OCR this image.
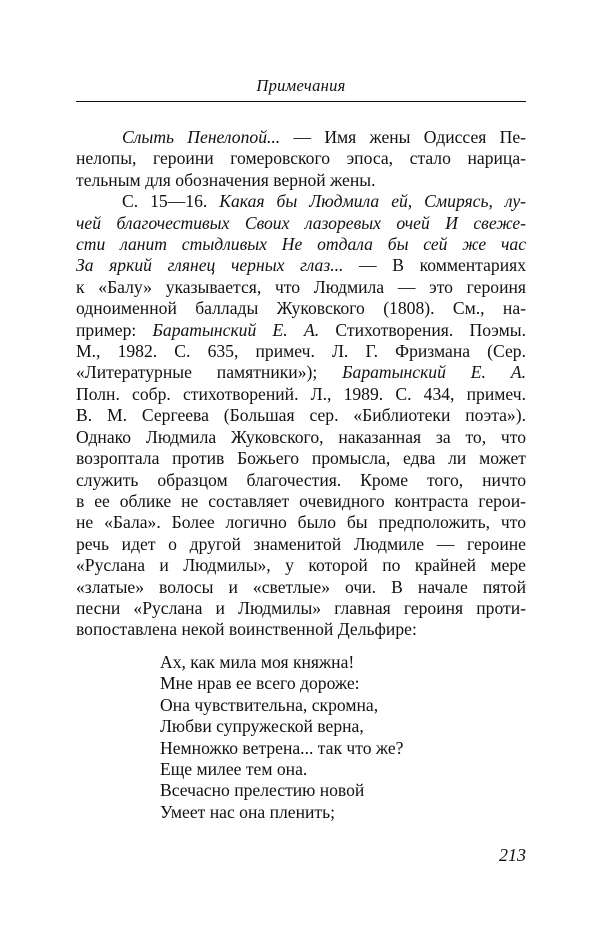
Примечания
Слыть Пенелопой... — Имя жены Одиссея Пе-
нелопы, героини гомеровского эпоса, стало нарица-
тельным для обозначения верной жены.
С. 15—16. Какая бы Людмила ей, Смирясь, лу-
чей благочестивых Своих лазоревых очей И свеже-
сти ланит стыдливых Не отдала бы сей же час
За яркий глянец черных глаз... — В комментариях
к «Балу» указывается, что Людмила — это героиня
одноименной баллады Жуковского (1808). См., на-
пример: Баратынский Е. А. Стихотворения. Поэмы.
М., 1982. С. 635, примеч. Л. Г. Фризмана (Сер.
«Литературные памятники»); Баратынский Е. А.
Полн. собр. стихотворений. Л., 1989. С. 434, примеч.
В. М. Сергеева (Большая сер. «Библиотеки поэта»).
Однако Людмила Жуковского, наказанная за то, что
возроптала против Божьего промысла, едва ли может
служить образцом благочестия. Кроме того, ничто
в ее облике не составляет очевидного контраста герои-
не «Бала». Более логично было бы предположить, что
речь идет о другой знаменитой Людмиле — героине
«Руслана и Людмилы», у которой по крайней мере
«златые» волосы и «светлые» очи. В начале пятой
песни «Руслана и Людмилы» главная героиня проти-
вопоставлена некой воинственной Дельфире:
Ах, как мила моя княжна!
Мне нрав ее всего дороже:
Она чувствительна, скромна,
Любви супружеской верна,
Немножко ветрена... так что же?
Еще милее тем она.
Всечасно прелестию новой
Умеет нас она пленить;
213
